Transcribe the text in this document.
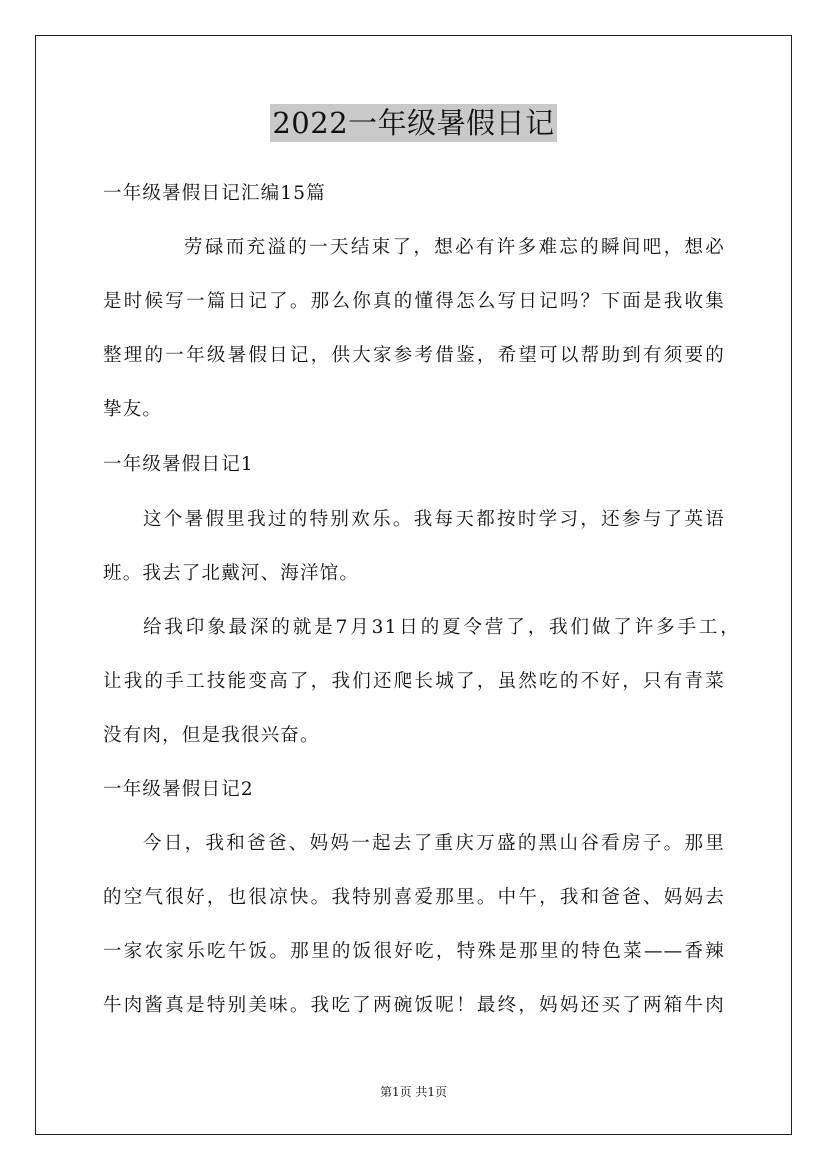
2022一年级暑假日记
一年级暑假日记汇编15篇
劳碌而充溢的一天结束了，想必有许多难忘的瞬间吧，想必
是时候写一篇日记了。那么你真的懂得怎么写日记吗？下面是我收集
整理的一年级暑假日记，供大家参考借鉴，希望可以帮助到有须要的
挚友。
一年级暑假日记1
这个暑假里我过的特别欢乐。我每天都按时学习，还参与了英语
班。我去了北戴河、海洋馆。
给我印象最深的就是7月31日的夏令营了，我们做了许多手工，
让我的手工技能变高了，我们还爬长城了，虽然吃的不好，只有青菜
没有肉，但是我很兴奋。
一年级暑假日记2
今日，我和爸爸、妈妈一起去了重庆万盛的黑山谷看房子。那里
的空气很好，也很凉快。我特别喜爱那里。中午，我和爸爸、妈妈去
一家农家乐吃午饭。那里的饭很好吃，特殊是那里的特色菜——香辣
牛肉酱真是特别美味。我吃了两碗饭呢！最终，妈妈还买了两箱牛肉
第1页 共1页
